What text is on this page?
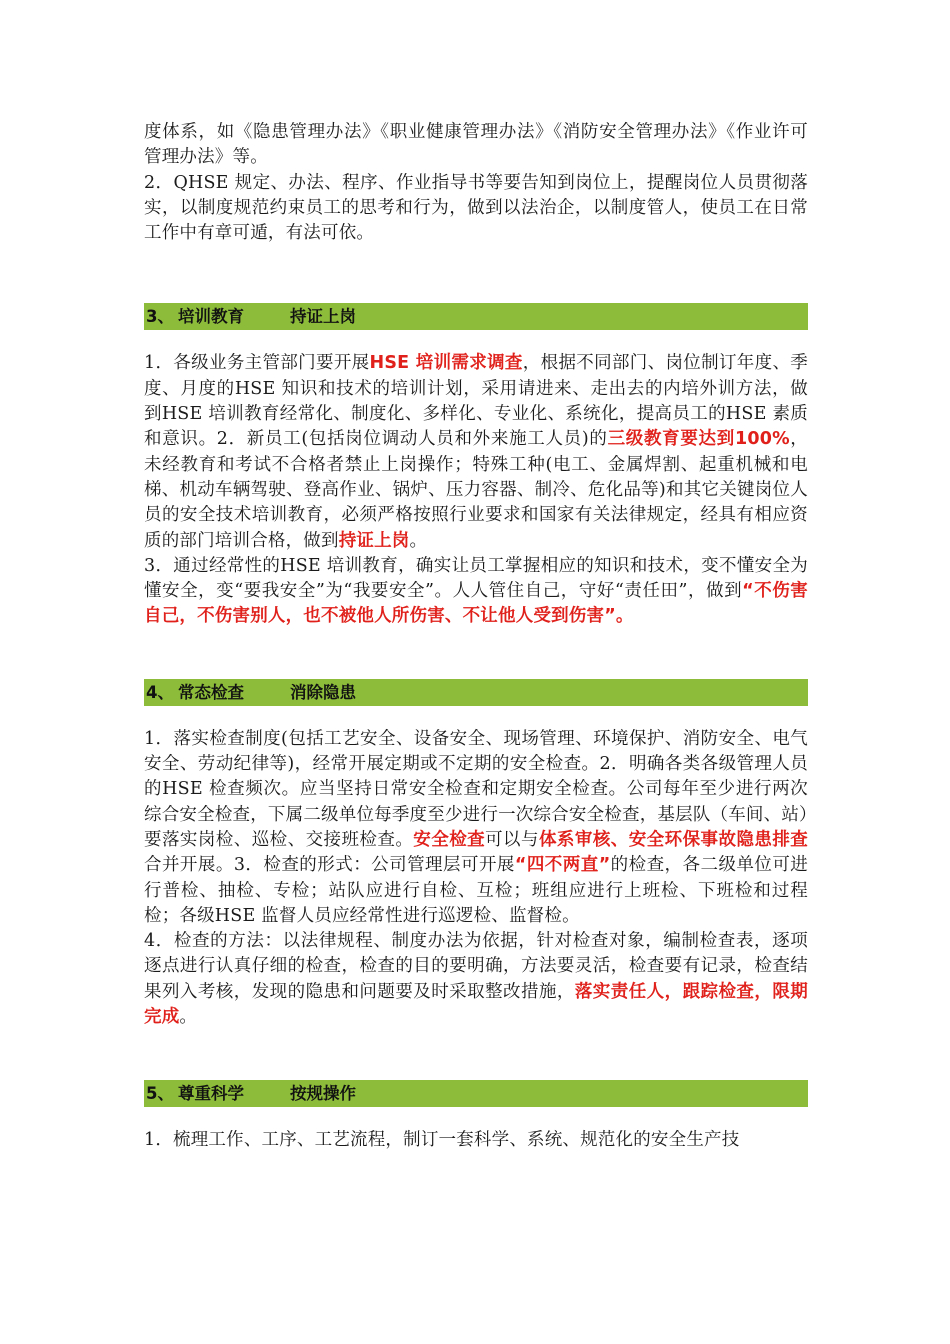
度体系，如《隐患管理办法》《职业健康管理办法》《消防安全管理办法》《作业许可管理办法》等。

2．QHSE 规定、办法、程序、作业指导书等要告知到岗位上，提醒岗位人员贯彻落实，以制度规范约束员工的思考和行为，做到以法治企，以制度管人，使员工在日常工作中有章可遁，有法可依。

3、 培训教育	持证上岗

1．各级业务主管部门要开展HSE 培训需求调查，根据不同部门、岗位制订年度、季度、月度的HSE 知识和技术的培训计划，采用请进来、走出去的内培外训方法，做到HSE 培训教育经常化、制度化、多样化、专业化、系统化，提高员工的HSE 素质和意识。2．新员工(包括岗位调动人员和外来施工人员)的三级教育要达到100%，未经教育和考试不合格者禁止上岗操作；特殊工种(电工、金属焊割、起重机械和电梯、机动车辆驾驶、登高作业、锅炉、压力容器、制冷、危化品等)和其它关键岗位人员的安全技术培训教育，必须严格按照行业要求和国家有关法律规定，经具有相应资质的部门培训合格，做到持证上岗。

3．通过经常性的HSE 培训教育，确实让员工掌握相应的知识和技术，变不懂安全为懂安全，变“要我安全”为“我要安全”。人人管住自己，守好“责任田”，做到“不伤害自己，不伤害别人，也不被他人所伤害、不让他人受到伤害”。

4、 常态检查	消除隐患

1．落实检查制度(包括工艺安全、设备安全、现场管理、环境保护、消防安全、电气安全、劳动纪律等)，经常开展定期或不定期的安全检查。2．明确各类各级管理人员的HSE 检查频次。应当坚持日常安全检查和定期安全检查。公司每年至少进行两次综合安全检查，下属二级单位每季度至少进行一次综合安全检查，基层队（车间、站）要落实岗检、巡检、交接班检查。安全检查可以与体系审核、安全环保事故隐患排查合并开展。3．检查的形式：公司管理层可开展“四不两直”的检查，各二级单位可进行普检、抽检、专检；站队应进行自检、互检；班组应进行上班检、下班检和过程检；各级HSE 监督人员应经常性进行巡逻检、监督检。

4．检查的方法：以法律规程、制度办法为依据，针对检查对象，编制检查表，逐项逐点进行认真仔细的检查，检查的目的要明确，方法要灵活，检查要有记录，检查结果列入考核，发现的隐患和问题要及时采取整改措施，落实责任人，跟踪检查，限期完成。

5、 尊重科学	按规操作

1．梳理工作、工序、工艺流程，制订一套科学、系统、规范化的安全生产技
